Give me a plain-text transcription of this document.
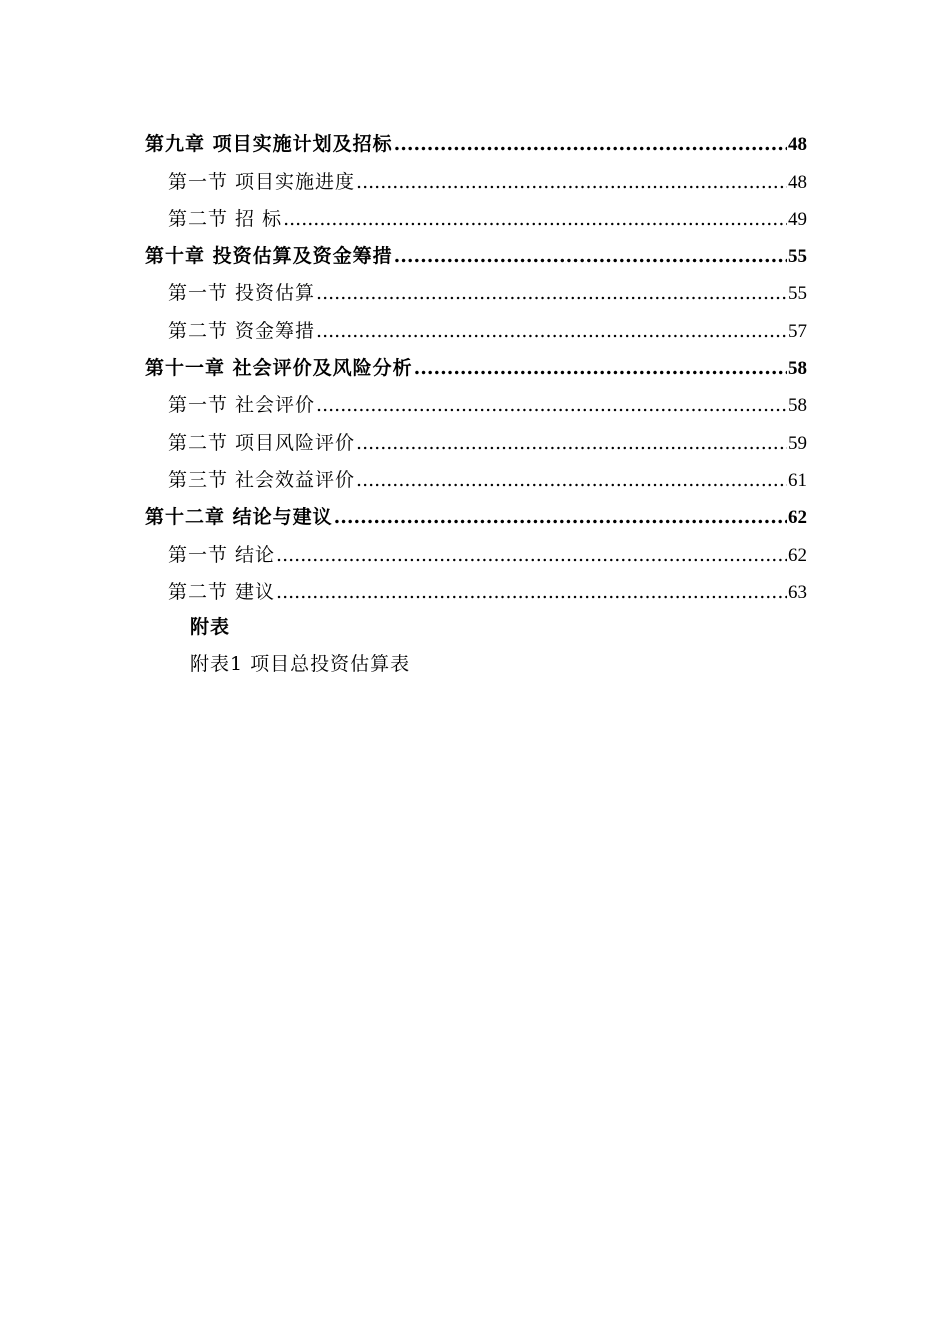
第九章 项目实施计划及招标 .....	48
第一节 项目实施进度 .....	48
第二节 招 标 .....	49
第十章 投资估算及资金筹措 .....	55
第一节 投资估算 .....	55
第二节 资金筹措 .....	57
第十一章 社会评价及风险分析 .....	58
第一节 社会评价 .....	58
第二节 项目风险评价 .....	59
第三节 社会效益评价 .....	61
第十二章 结论与建议 .....	62
第一节 结论 .....	62
第二节 建议 .....	63
附表
附表1 项目总投资估算表
